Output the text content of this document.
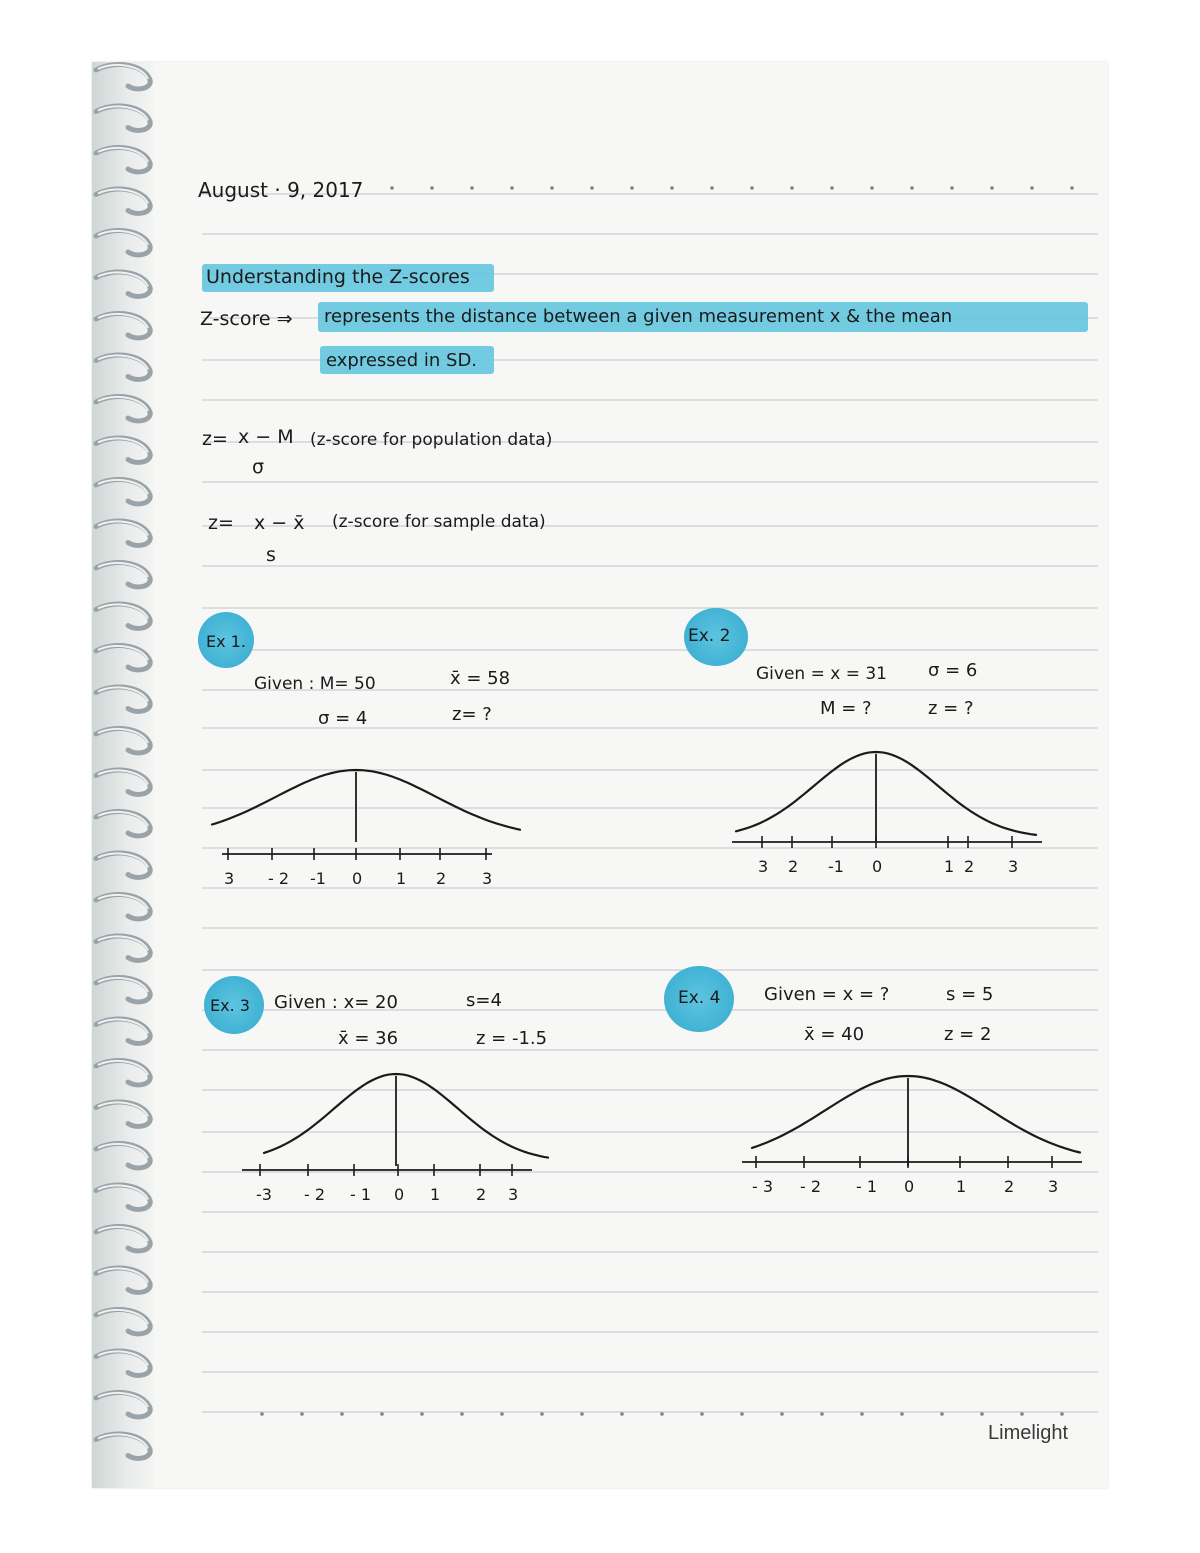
August · 9, 2017
Understanding the Z-scores
Z-score ⇒ represents the distance between a given measurement x & the mean
expressed in SD.
z= x − M
σ
(z-score for population data)
z= x − x̄
s
(z-score for sample data)
Ex 1.	Ex. 2
Ex. 3	Ex. 4
Given : M= 50
σ = 4
x̄ = 58
z= ?
Given = x = 31
M = ?
σ = 6
z = ?
Given : x= 20
x̄ = 36
s=4
z = -1.5
Given = x = ?
x̄ = 40
s = 5
z = 2
3 - 2 -1 0 1 2 3
3 2 -1 0	1 2 3
-3 - 2 - 1 0 1 2 3	- 3 - 2 - 1 0	1 2 3
Limelight
